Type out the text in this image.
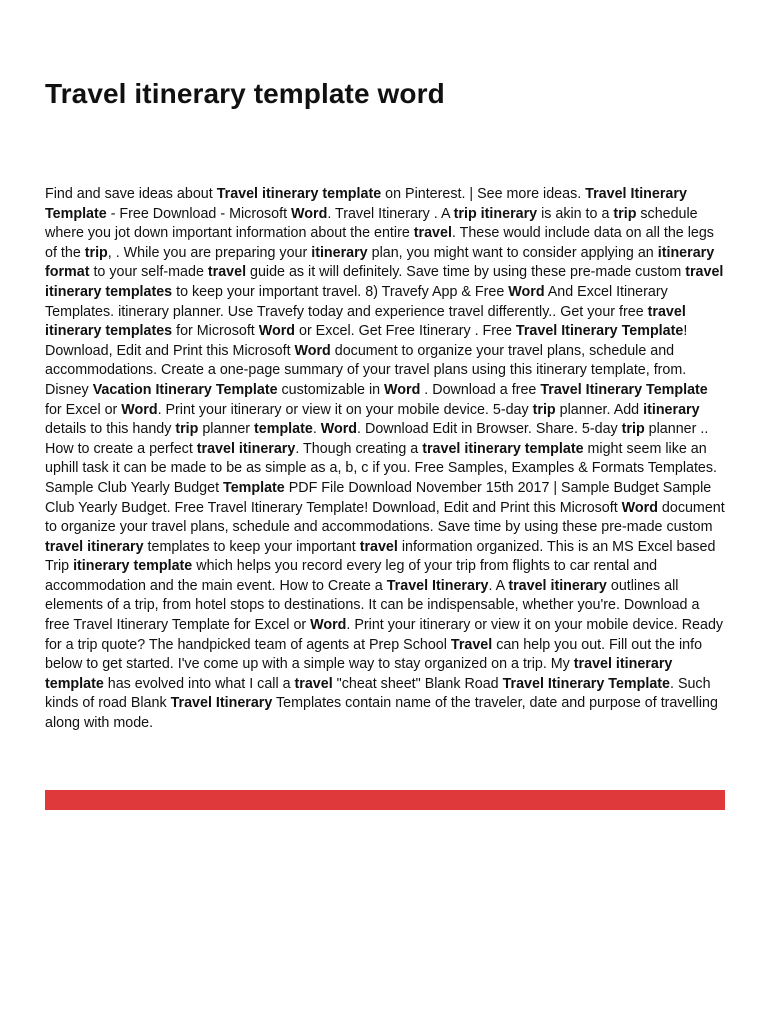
Travel itinerary template word

Find and save ideas about Travel itinerary template on Pinterest. | See more ideas. Travel Itinerary Template - Free Download - Microsoft Word. Travel Itinerary . A trip itinerary is akin to a trip schedule where you jot down important information about the entire travel. These would include data on all the legs of the trip, . While you are preparing your itinerary plan, you might want to consider applying an itinerary format to your self-made travel guide as it will definitely. Save time by using these pre-made custom travel itinerary templates to keep your important travel. 8) Travefy App & Free Word And Excel Itinerary Templates. itinerary planner. Use Travefy today and experience travel differently.. Get your free travel itinerary templates for Microsoft Word or Excel. Get Free Itinerary . Free Travel Itinerary Template! Download, Edit and Print this Microsoft Word document to organize your travel plans, schedule and accommodations. Create a one-page summary of your travel plans using this itinerary template, from. Disney Vacation Itinerary Template customizable in Word . Download a free Travel Itinerary Template for Excel or Word. Print your itinerary or view it on your mobile device. 5-day trip planner. Add itinerary details to this handy trip planner template. Word. Download Edit in Browser. Share. 5-day trip planner .. How to create a perfect travel itinerary. Though creating a travel itinerary template might seem like an uphill task it can be made to be as simple as a, b, c if you. Free Samples, Examples & Formats Templates. Sample Club Yearly Budget Template PDF File Download November 15th 2017 | Sample Budget Sample Club Yearly Budget. Free Travel Itinerary Template! Download, Edit and Print this Microsoft Word document to organize your travel plans, schedule and accommodations. Save time by using these pre-made custom travel itinerary templates to keep your important travel information organized. This is an MS Excel based Trip itinerary template which helps you record every leg of your trip from flights to car rental and accommodation and the main event. How to Create a Travel Itinerary. A travel itinerary outlines all elements of a trip, from hotel stops to destinations. It can be indispensable, whether you're. Download a free Travel Itinerary Template for Excel or Word. Print your itinerary or view it on your mobile device. Ready for a trip quote? The handpicked team of agents at Prep School Travel can help you out. Fill out the info below to get started. I've come up with a simple way to stay organized on a trip. My travel itinerary template has evolved into what I call a travel "cheat sheet" Blank Road Travel Itinerary Template. Such kinds of road Blank Travel Itinerary Templates contain name of the traveler, date and purpose of travelling along with mode.
